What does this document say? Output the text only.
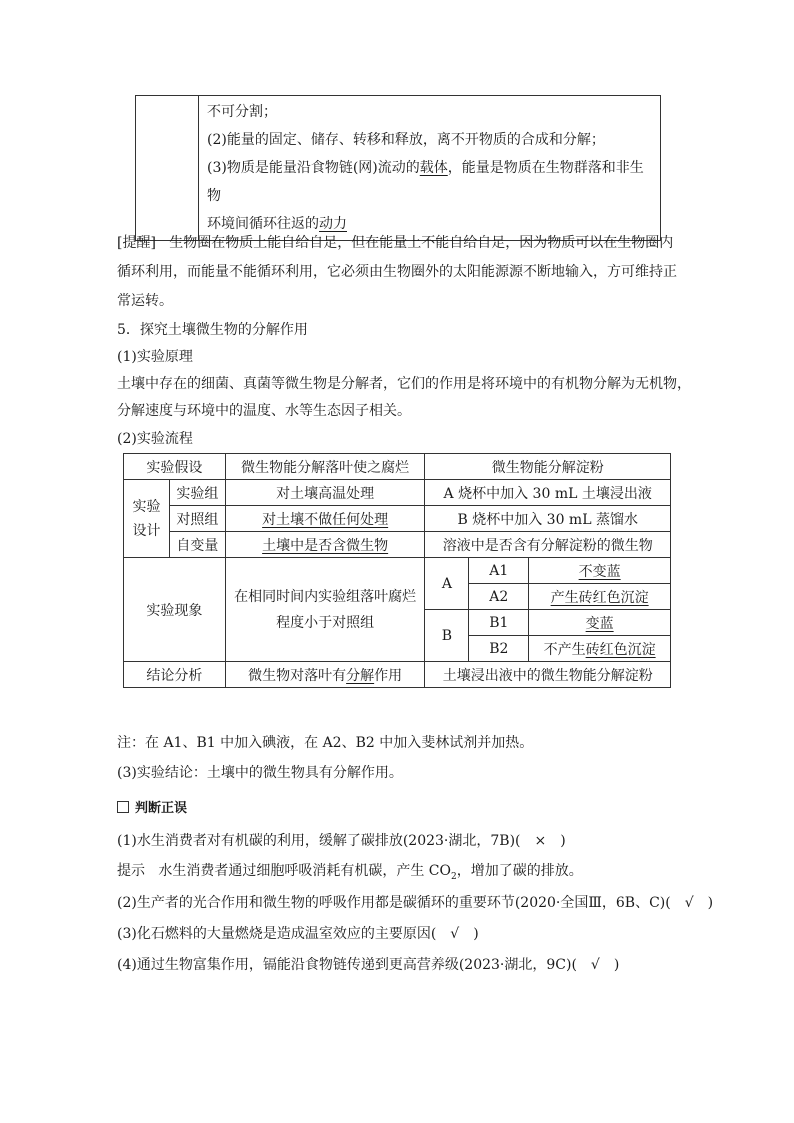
不可分割；
(2)能量的固定、储存、转移和释放，离不开物质的合成和分解；
(3)物质是能量沿食物链(网)流动的载体，能量是物质在生物群落和非生物
环境间循环往返的动力
[提醒] 生物圈在物质上能自给自足，但在能量上不能自给自足，因为物质可以在生物圈内
循环利用，而能量不能循环利用，它必须由生物圈外的太阳能源源不断地输入，方可维持正
常运转。
5．探究土壤微生物的分解作用
(1)实验原理
土壤中存在的细菌、真菌等微生物是分解者，它们的作用是将环境中的有机物分解为无机物，
分解速度与环境中的温度、水等生态因子相关。
(2)实验流程
实验假设		微生物能分解落叶使之腐烂	微生物能分解淀粉		

实验
设计	实验组	对土壤高温处理	A 烧杯中加入 30 mL 土壤浸出液		
	对照组	对土壤不做任何处理	B 烧杯中加入 30 mL 蒸馏水		
	自变量	土壤中是否含微生物	溶液中是否含有分解淀粉的微生物		
实验现象		在相同时间内实验组落叶腐烂
程度小于对照组	A	A1	不变蓝
				A2	产生砖红色沉淀
			B	B1	变蓝
				B2	不产生砖红色沉淀
结论分析		微生物对落叶有分解作用	土壤浸出液中的微生物能分解淀粉		
注：在 A1、B1 中加入碘液，在 A2、B2 中加入斐林试剂并加热。
(3)实验结论：土壤中的微生物具有分解作用。
判断正误
(1)水生消费者对有机碳的利用，缓解了碳排放(2023·湖北，7B)(　×　)
提示 水生消费者通过细胞呼吸消耗有机碳，产生 $CO_2$，增加了碳的排放。
(2)生产者的光合作用和微生物的呼吸作用都是碳循环的重要环节(2020·全国Ⅲ，6B、C)(　√　)
(3)化石燃料的大量燃烧是造成温室效应的主要原因(　√　)
(4)通过生物富集作用，镉能沿食物链传递到更高营养级(2023·湖北，9C)(　√　)
